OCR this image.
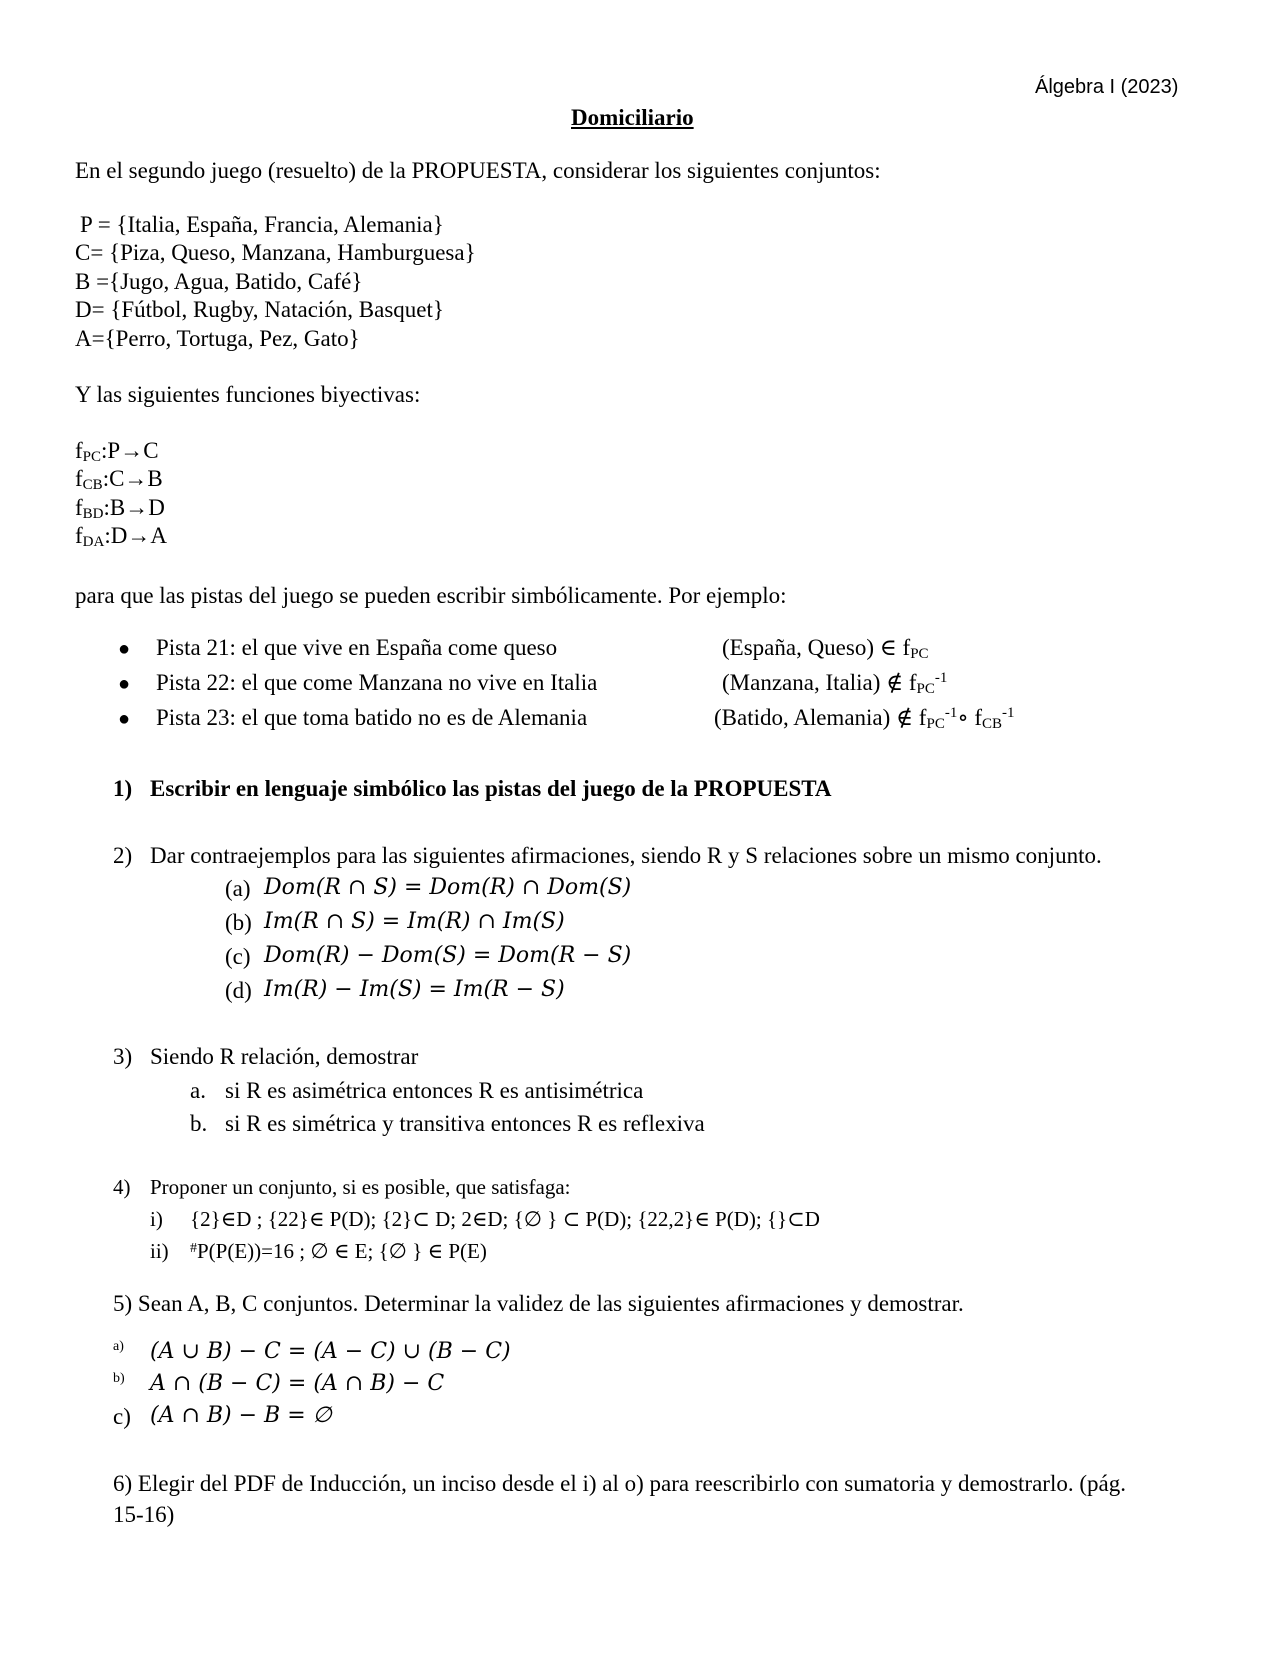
Álgebra I (2023)
Domiciliario
En el segundo juego (resuelto) de la PROPUESTA, considerar los siguientes conjuntos:
P = {Italia, España, Francia, Alemania}
C= {Piza, Queso, Manzana, Hamburguesa}
B ={Jugo, Agua, Batido, Café}
D= {Fútbol, Rugby, Natación, Basquet}
A={Perro, Tortuga, Pez, Gato}
Y las siguientes funciones biyectivas:
$f_{PC}:P\to C$
$f_{CB}:C\to B$
$f_{BD}:B\to D$
$f_{DA}:D\to A$
para que las pistas del juego se pueden escribir simbólicamente. Por ejemplo:
● Pista 21: el que vive en España come queso	(España, Queso) ∈ $f_{PC}$
● Pista 22: el que come Manzana no vive en Italia	(Manzana, Italia) ∉ $f_{PC}^{-1}$
● Pista 23: el que toma batido no es de Alemania	(Batido, Alemania) ∉ $f_{PC}^{-1}\circ$ $f_{CB}^{-1}$
1) Escribir en lenguaje simbólico las pistas del juego de la PROPUESTA
2) Dar contraejemplos para las siguientes afirmaciones, siendo R y S relaciones sobre un mismo conjunto.
(a) Dom(R ∩ S) = Dom(R) ∩ Dom(S)
(b) Im(R ∩ S) = Im(R) ∩ Im(S)
(c) Dom(R) − Dom(S) = Dom(R − S)
(d) Im(R) − Im(S) = Im(R − S)
3) Siendo R relación, demostrar
a. si R es asimétrica entonces R es antisimétrica
b. si R es simétrica y transitiva entonces R es reflexiva
4) Proponer un conjunto, si es posible, que satisfaga:
i) {2}∈D ; {22}∈ P(D); {2}⊂ D; 2∈D; {∅ } ⊂ P(D); {22,2}∈ P(D); {}⊂D
ii) #P(P(E))=16 ; ∅ ∈ E; {∅ } ∈ P(E)
5) Sean A, B, C conjuntos. Determinar la validez de las siguientes afirmaciones y demostrar.
a) (A ∪ B) − C = (A − C) ∪ (B − C)
b) A ∩ (B − C) = (A ∩ B) − C
c) (A ∩ B) − B = ∅
6) Elegir del PDF de Inducción, un inciso desde el i) al o) para reescribirlo con sumatoria y demostrarlo. (pág.
15-16)
